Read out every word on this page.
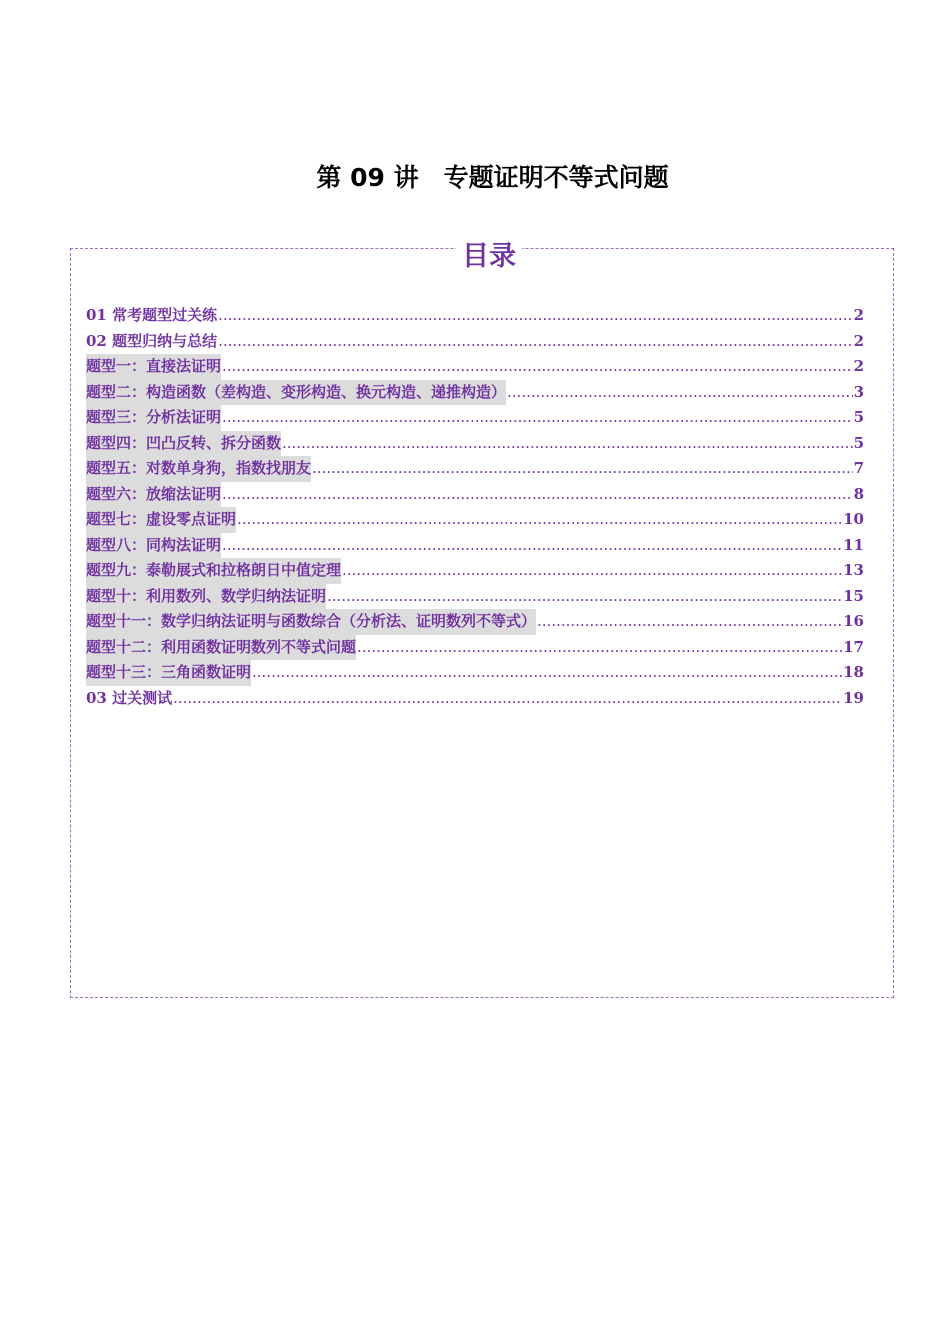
第 09 讲　专题证明不等式问题
目录
01 常考题型过关练 .....	2
02 题型归纳与总结 .....	2
题型一：直接法证明 .....	2
题型二：构造函数（差构造、变形构造、换元构造、递推构造） .....	3
题型三：分析法证明 .....	5
题型四：凹凸反转、拆分函数 .....	5
题型五：对数单身狗，指数找朋友 .....	7
题型六：放缩法证明 .....	8
题型七：虚设零点证明 .....	10
题型八：同构法证明 .....	11
题型九：泰勒展式和拉格朗日中值定理 .....	13
题型十：利用数列、数学归纳法证明 .....	15
题型十一：数学归纳法证明与函数综合（分析法、证明数列不等式） .....	16
题型十二：利用函数证明数列不等式问题 .....	17
题型十三：三角函数证明 .....	18
03 过关测试 .....	19
